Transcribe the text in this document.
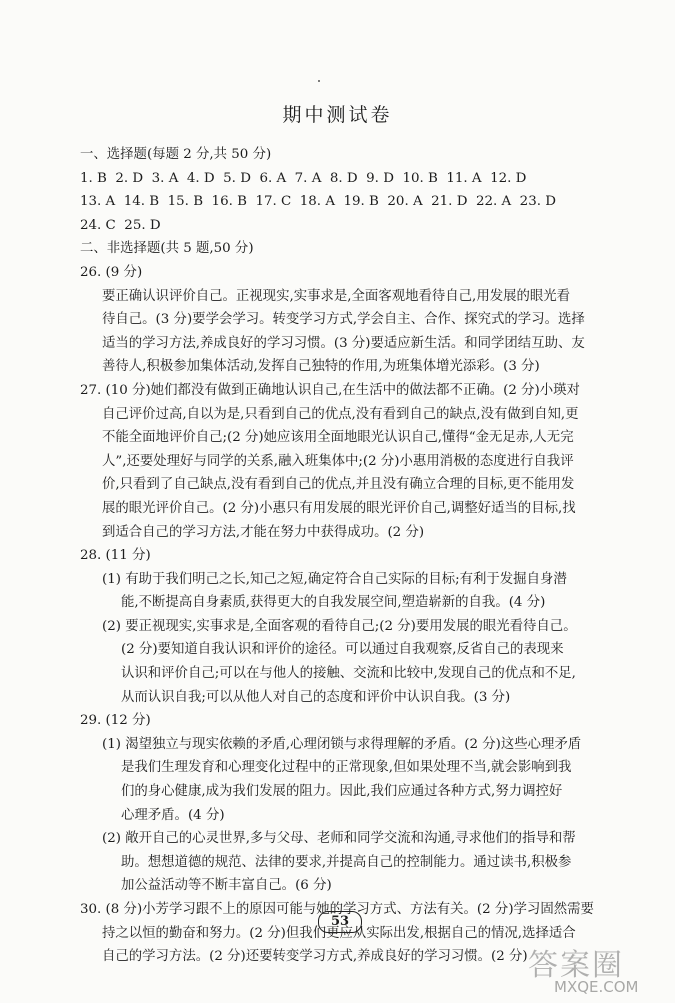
期中测试卷
一、选择题(每题 2 分,共 50 分)
1. B  2. D  3. A  4. D  5. D  6. A  7. A  8. D  9. D  10. B  11. A  12. D
13. A  14. B  15. B  16. B  17. C  18. A  19. B  20. A  21. D  22. A  23. D
24. C  25. D
二、非选择题(共 5 题,50 分)
26. (9 分)
要正确认识评价自己。正视现实,实事求是,全面客观地看待自己,用发展的眼光看
待自己。(3 分)要学会学习。转变学习方式,学会自主、合作、探究式的学习。选择
适当的学习方法,养成良好的学习习惯。(3 分)要适应新生活。和同学团结互助、友
善待人,积极参加集体活动,发挥自己独特的作用,为班集体增光添彩。(3 分)
27. (10 分)她们都没有做到正确地认识自己,在生活中的做法都不正确。(2 分)小瑛对
自己评价过高,自以为是,只看到自己的优点,没有看到自己的缺点,没有做到自知,更
不能全面地评价自己;(2 分)她应该用全面地眼光认识自己,懂得“金无足赤,人无完
人”,还要处理好与同学的关系,融入班集体中;(2 分)小惠用消极的态度进行自我评
价,只看到了自己缺点,没有看到自己的优点,并且没有确立合理的目标,更不能用发
展的眼光评价自己。(2 分)小惠只有用发展的眼光评价自己,调整好适当的目标,找
到适合自己的学习方法,才能在努力中获得成功。(2 分)
28. (11 分)
(1) 有助于我们明己之长,知己之短,确定符合自己实际的目标;有利于发掘自身潜
能,不断提高自身素质,获得更大的自我发展空间,塑造崭新的自我。(4 分)
(2) 要正视现实,实事求是,全面客观的看待自己;(2 分)要用发展的眼光看待自己。
(2 分)要知道自我认识和评价的途径。可以通过自我观察,反省自己的表现来
认识和评价自己;可以在与他人的接触、交流和比较中,发现自己的优点和不足,
从而认识自我;可以从他人对自己的态度和评价中认识自我。(3 分)
29. (12 分)
(1) 渴望独立与现实依赖的矛盾,心理闭锁与求得理解的矛盾。(2 分)这些心理矛盾
是我们生理发育和心理变化过程中的正常现象,但如果处理不当,就会影响到我
们的身心健康,成为我们发展的阻力。因此,我们应通过各种方式,努力调控好
心理矛盾。(4 分)
(2) 敞开自己的心灵世界,多与父母、老师和同学交流和沟通,寻求他们的指导和帮
助。想想道德的规范、法律的要求,并提高自己的控制能力。通过读书,积极参
加公益活动等不断丰富自己。(6 分)
30. (8 分)小芳学习跟不上的原因可能与她的学习方式、方法有关。(2 分)学习固然需要
持之以恒的勤奋和努力。(2 分)但我们更应从实际出发,根据自己的情况,选择适合
自己的学习方法。(2 分)还要转变学习方式,养成良好的学习习惯。(2 分)
53
答案圈
MXQE.COM
